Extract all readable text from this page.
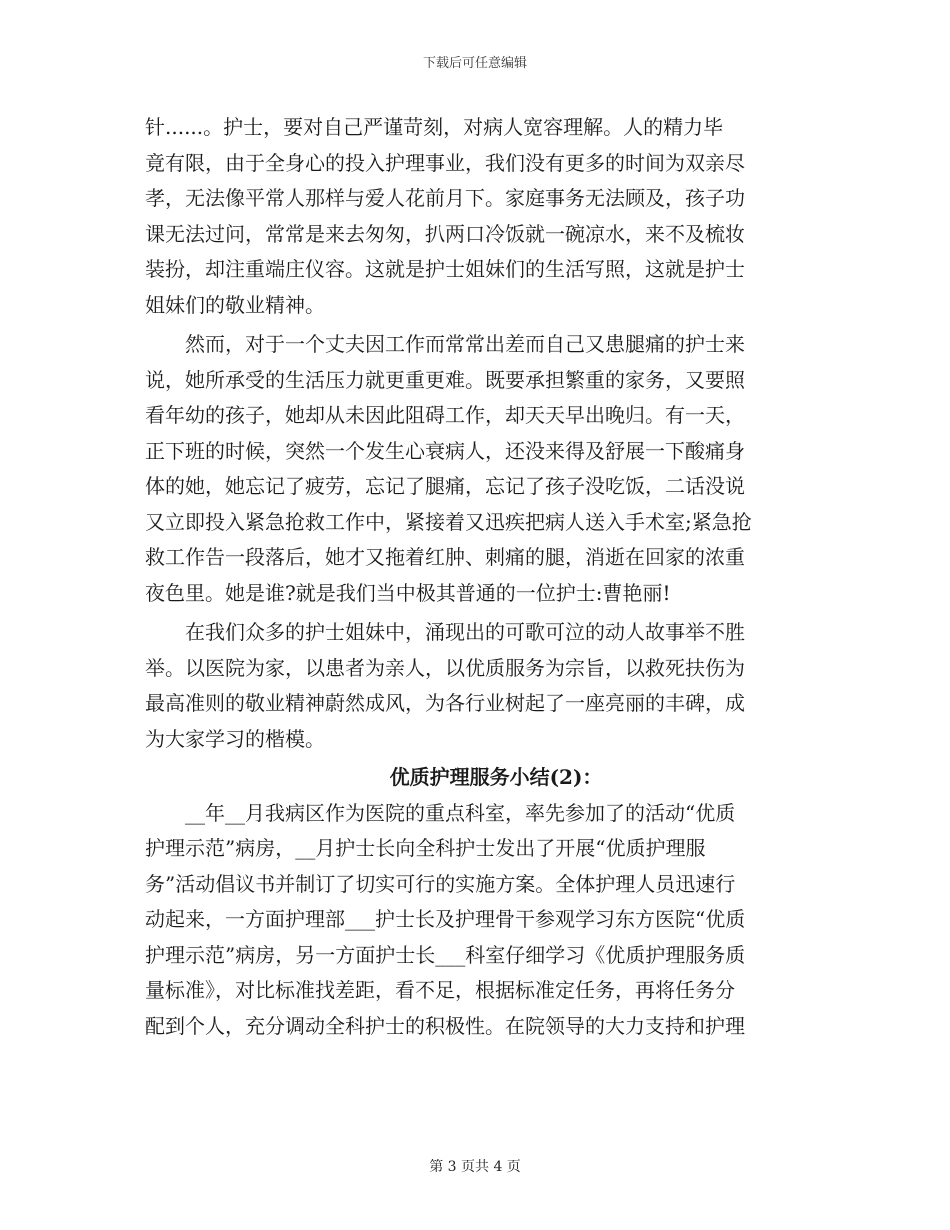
下载后可任意编辑

针......。护士，要对自己严谨苛刻，对病人宽容理解。人的精力毕
竟有限，由于全身心的投入护理事业，我们没有更多的时间为双亲尽
孝，无法像平常人那样与爱人花前月下。家庭事务无法顾及，孩子功
课无法过问，常常是来去匆匆，扒两口冷饭就一碗凉水，来不及梳妆
装扮，却注重端庄仪容。这就是护士姐妹们的生活写照，这就是护士
姐妹们的敬业精神。

　　然而，对于一个丈夫因工作而常常出差而自己又患腿痛的护士来
说，她所承受的生活压力就更重更难。既要承担繁重的家务，又要照
看年幼的孩子，她却从未因此阻碍工作，却天天早出晚归。有一天，
正下班的时候，突然一个发生心衰病人，还没来得及舒展一下酸痛身
体的她，她忘记了疲劳，忘记了腿痛，忘记了孩子没吃饭，二话没说
又立即投入紧急抢救工作中，紧接着又迅疾把病人送入手术室;紧急抢
救工作告一段落后，她才又拖着红肿、刺痛的腿，消逝在回家的浓重
夜色里。她是谁?就是我们当中极其普通的一位护士:曹艳丽!

　　在我们众多的护士姐妹中，涌现出的可歌可泣的动人故事举不胜
举。以医院为家，以患者为亲人，以优质服务为宗旨，以救死扶伤为
最高准则的敬业精神蔚然成风，为各行业树起了一座亮丽的丰碑，成
为大家学习的楷模。

优质护理服务小结(2)：

　　__年__月我病区作为医院的重点科室，率先参加了的活动“优质
护理示范”病房，__月护士长向全科护士发出了开展“优质护理服
务”活动倡议书并制订了切实可行的实施方案。全体护理人员迅速行
动起来，一方面护理部___护士长及护理骨干参观学习东方医院“优质
护理示范”病房，另一方面护士长___科室仔细学习《优质护理服务质
量标准》，对比标准找差距，看不足，根据标准定任务，再将任务分
配到个人，充分调动全科护士的积极性。在院领导的大力支持和护理

第 3 页共 4 页
